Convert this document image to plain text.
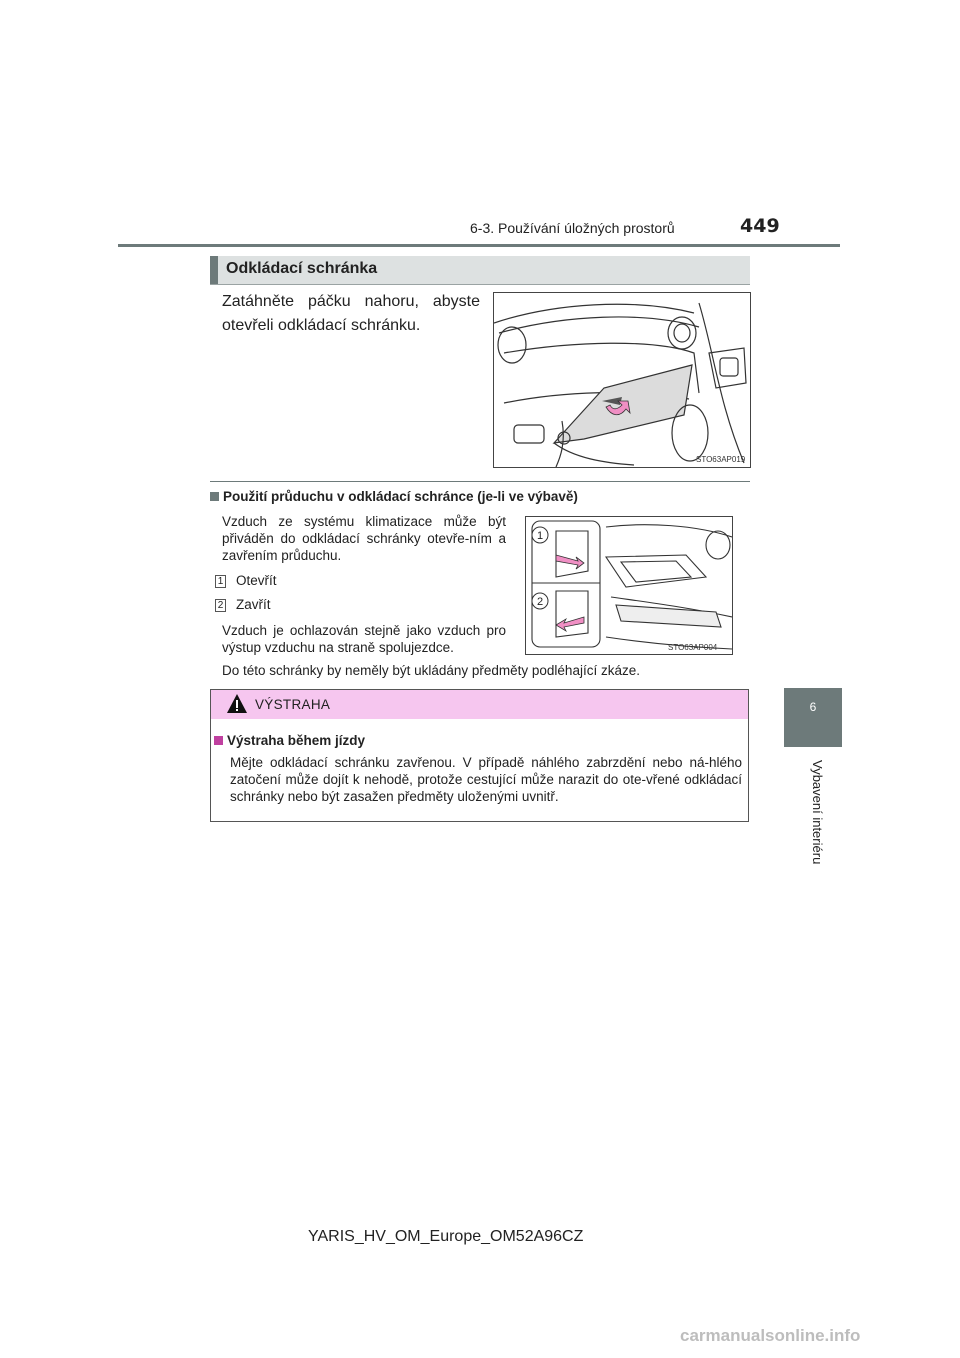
6-3. Používání úložných prostorů	449
6
Vybavení interiéru
Odkládací schránka
Zatáhněte páčku nahoru, abyste otevřeli odkládací schránku.
STO63AP019
Použití průduchu v odkládací schránce (je-li ve výbavě)
Vzduch ze systému klimatizace může být přiváděn do odkládací schránky otevře-ním a zavřením průduchu.
1 Otevřít
2 Zavřít
Vzduch je ochlazován stejně jako vzduch pro výstup vzduchu na straně spolujezdce.
Do této schránky by neměly být ukládány předměty podléhající zkáze.
1
2
STO63AP004
VÝSTRAHA
Výstraha během jízdy
Mějte odkládací schránku zavřenou. V případě náhlého zabrzdění nebo ná-hlého zatočení může dojít k nehodě, protože cestující může narazit do ote-vřené odkládací schránky nebo být zasažen předměty uloženými uvnitř.
YARIS_HV_OM_Europe_OM52A96CZ
carmanualsonline.info
